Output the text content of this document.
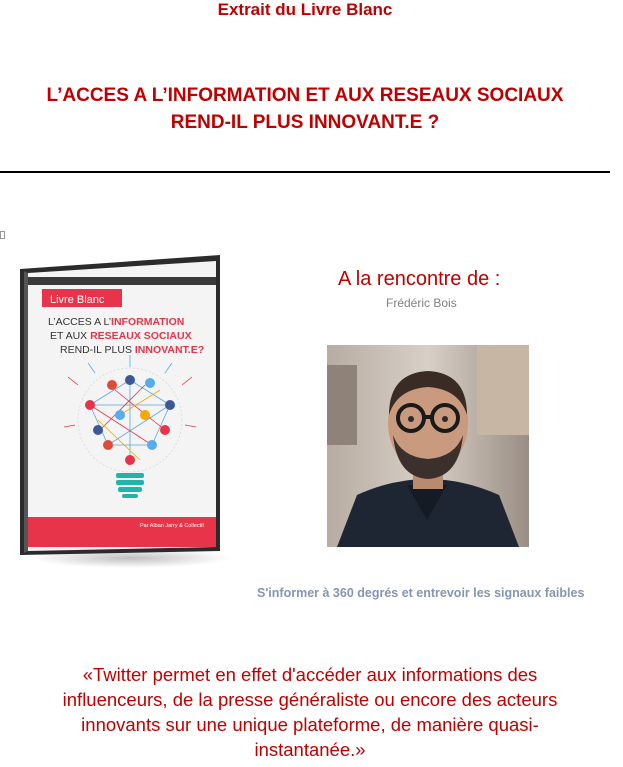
Extrait du Livre Blanc
L’ACCES A L’INFORMATION ET AUX RESEAUX SOCIAUX
REND-IL PLUS INNOVANT.E ?
Livre Blanc
L’ACCES A L’INFORMATION
ET AUX RESEAUX SOCIAUX
REND-IL PLUS INNOVANT.E?
Par Alban Jarry & Collectif
A la rencontre de :
Frédéric Bois
S'informer à 360 degrés et entrevoir les signaux faibles
«Twitter permet en effet d'accéder aux informations des influenceurs, de la presse généraliste ou encore des acteurs innovants sur une unique plateforme, de manière quasi-instantanée.»
